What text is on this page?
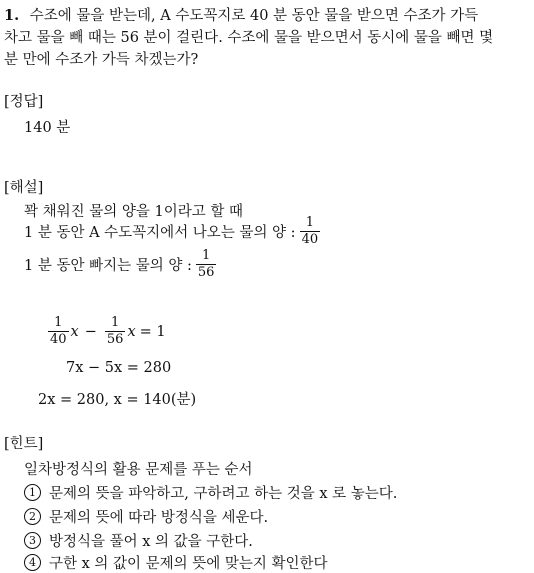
1. 수조에 물을 받는데, A 수도꼭지로 40 분 동안 물을 받으면 수조가 가득
차고 물을 빼 때는 56 분이 걸린다. 수조에 물을 받으면서 동시에 물을 빼면 몇
분 만에 수조가 가득 차겠는가?
[정답]
140 분
[해설]
꽉 채워진 물의 양을 1이라고 할 때
1 분 동안 A 수도꼭지에서 나오는 물의 양 : $\frac{1}{40}$
1 분 동안 빠지는 물의 양 : $\frac{1}{56}$
$\frac{1}{40}$ $x - \frac{1}{56}$ x = 1
7x − 5x = 280
2x = 280, x = 140(분)
[힌트]
일차방정식의 활용 문제를 푸는 순서
1 문제의 뜻을 파악하고, 구하려고 하는 것을 x 로 놓는다.
2 문제의 뜻에 따라 방정식을 세운다.
3 방정식을 풀어 x 의 값을 구한다.
4 구한 x 의 값이 문제의 뜻에 맞는지 확인한다
